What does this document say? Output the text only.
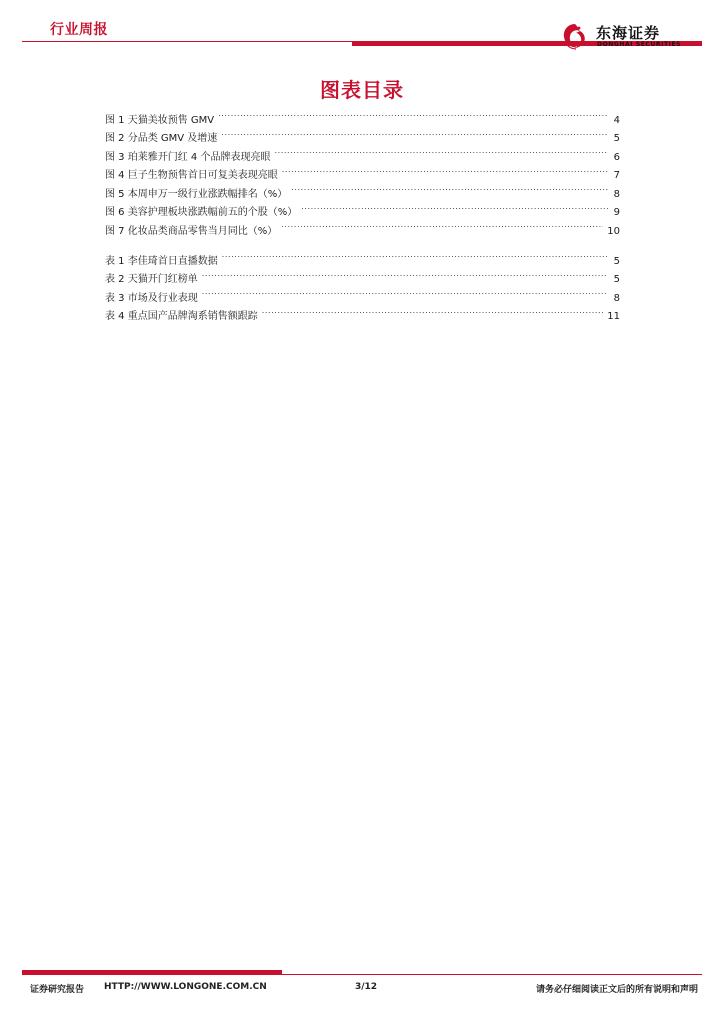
行业周报	东海证券
DONGHAI SECURITIES
图表目录
图 1 天猫美妆预售 GMV .....	4
图 2 分品类 GMV 及增速 .....	5
图 3 珀莱雅开门红 4 个品牌表现亮眼 .....	6
图 4 巨子生物预售首日可复美表现亮眼 .....	7
图 5 本周申万一级行业涨跌幅排名（%） .....	8
图 6 美容护理板块涨跌幅前五的个股（%） .....	9
图 7 化妆品类商品零售当月同比（%） .....	10
表 1 李佳琦首日直播数据 .....	5
表 2 天猫开门红榜单 .....	5
表 3 市场及行业表现 .....	8
表 4 重点国产品牌淘系销售额跟踪 .....	11
证券研究报告 HTTP://WWW.LONGONE.COM.CN	3/12	请务必仔细阅读正文后的所有说明和声明
